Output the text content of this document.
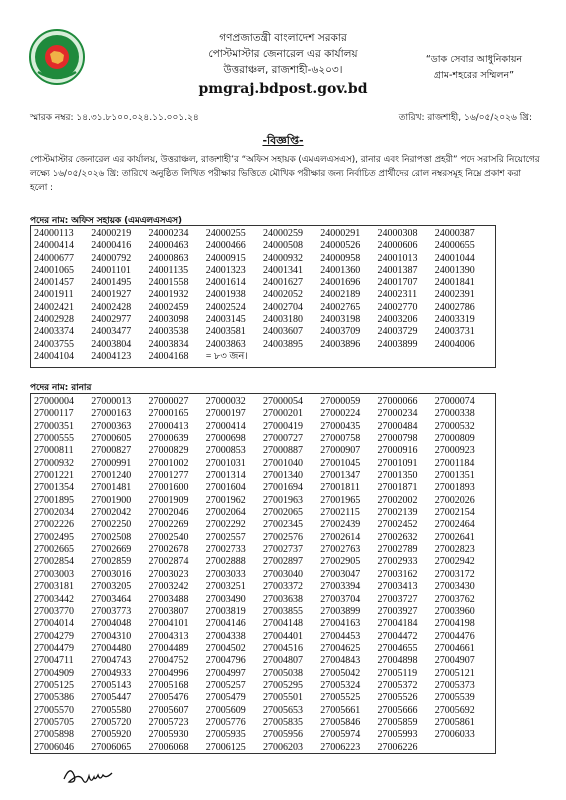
গণপ্রজাতন্ত্রী বাংলাদেশ সরকার
পোস্টমাস্টার জেনারেল এর কার্যালয়
উত্তরাঞ্চল, রাজশাহী-৬২০৩।
pmgraj.bdpost.gov.bd
“ডাক সেবার আধুনিকায়ন
গ্রাম-শহরের সম্মিলন”
স্মারক নম্বর: ১৪.৩১.৮১০০.০২৪.১১.০০১.২৪	তারিখ: রাজশাহী, ১৬/০৫/২০২৬ খ্রি:
-বিজ্ঞপ্তি-
পোস্টমাস্টার জেনারেল এর কার্যালয়, উত্তরাঞ্চল, রাজশাহী’র “অফিস সহায়ক (এমএলএসএস), রানার এবং নিরাপত্তা প্রহরী” পদে সরাসরি নিয়োগের লক্ষ্যে ১৬/০৫/২০২৬ খ্রি: তারিখে অনুষ্ঠিত লিখিত পরীক্ষার ভিত্তিতে মৌখিক পরীক্ষার জন্য নির্বাচিত প্রার্থীদের রোল নম্বরসমূহ নিম্নে প্রকাশ করা হলো :
পদের নাম: অফিস সহায়ক (এমএলএসএস)
24000113	24000219	24000234	24000255	24000259	24000291	24000308	24000387
24000414	24000416	24000463	24000466	24000508	24000526	24000606	24000655
24000677	24000792	24000863	24000915	24000932	24000958	24001013	24001044
24001065	24001101	24001135	24001323	24001341	24001360	24001387	24001390
24001457	24001495	24001558	24001614	24001627	24001696	24001707	24001841
24001911	24001927	24001932	24001938	24002052	24002189	24002311	24002391
24002421	24002428	24002459	24002524	24002704	24002765	24002770	24002786
24002928	24002977	24003098	24003145	24003180	24003198	24003206	24003319
24003374	24003477	24003538	24003581	24003607	24003709	24003729	24003731
24003755	24003804	24003834	24003863	24003895	24003896	24003899	24004006
24004104	24004123	24004168	= ৮৩ জন।
পদের নাম: রানার
27000004	27000013	27000027	27000032	27000054	27000059	27000066	27000074
27000117	27000163	27000165	27000197	27000201	27000224	27000234	27000338
27000351	27000363	27000413	27000414	27000419	27000435	27000484	27000532
27000555	27000605	27000639	27000698	27000727	27000758	27000798	27000809
27000811	27000827	27000829	27000853	27000887	27000907	27000916	27000923
27000932	27000991	27001002	27001031	27001040	27001045	27001091	27001184
27001221	27001240	27001277	27001314	27001340	27001347	27001350	27001351
27001354	27001481	27001600	27001604	27001694	27001811	27001871	27001893
27001895	27001900	27001909	27001962	27001963	27001965	27002002	27002026
27002034	27002042	27002046	27002064	27002065	27002115	27002139	27002154
27002226	27002250	27002269	27002292	27002345	27002439	27002452	27002464
27002495	27002508	27002540	27002557	27002576	27002614	27002632	27002641
27002665	27002669	27002678	27002733	27002737	27002763	27002789	27002823
27002854	27002859	27002874	27002888	27002897	27002905	27002933	27002942
27003003	27003016	27003023	27003033	27003040	27003047	27003162	27003172
27003181	27003205	27003242	27003251	27003372	27003394	27003413	27003430
27003442	27003464	27003488	27003490	27003638	27003704	27003727	27003762
27003770	27003773	27003807	27003819	27003855	27003899	27003927	27003960
27004014	27004048	27004101	27004146	27004148	27004163	27004184	27004198
27004279	27004310	27004313	27004338	27004401	27004453	27004472	27004476
27004479	27004480	27004489	27004502	27004516	27004625	27004655	27004661
27004711	27004743	27004752	27004796	27004807	27004843	27004898	27004907
27004909	27004933	27004996	27004997	27005038	27005042	27005119	27005121
27005125	27005143	27005168	27005257	27005295	27005324	27005372	27005373
27005386	27005447	27005476	27005479	27005501	27005525	27005526	27005539
27005570	27005580	27005607	27005609	27005653	27005661	27005666	27005692
27005705	27005720	27005723	27005776	27005835	27005846	27005859	27005861
27005898	27005920	27005930	27005935	27005956	27005974	27005993	27006033
27006046	27006065	27006068	27006125	27006203	27006223	27006226
